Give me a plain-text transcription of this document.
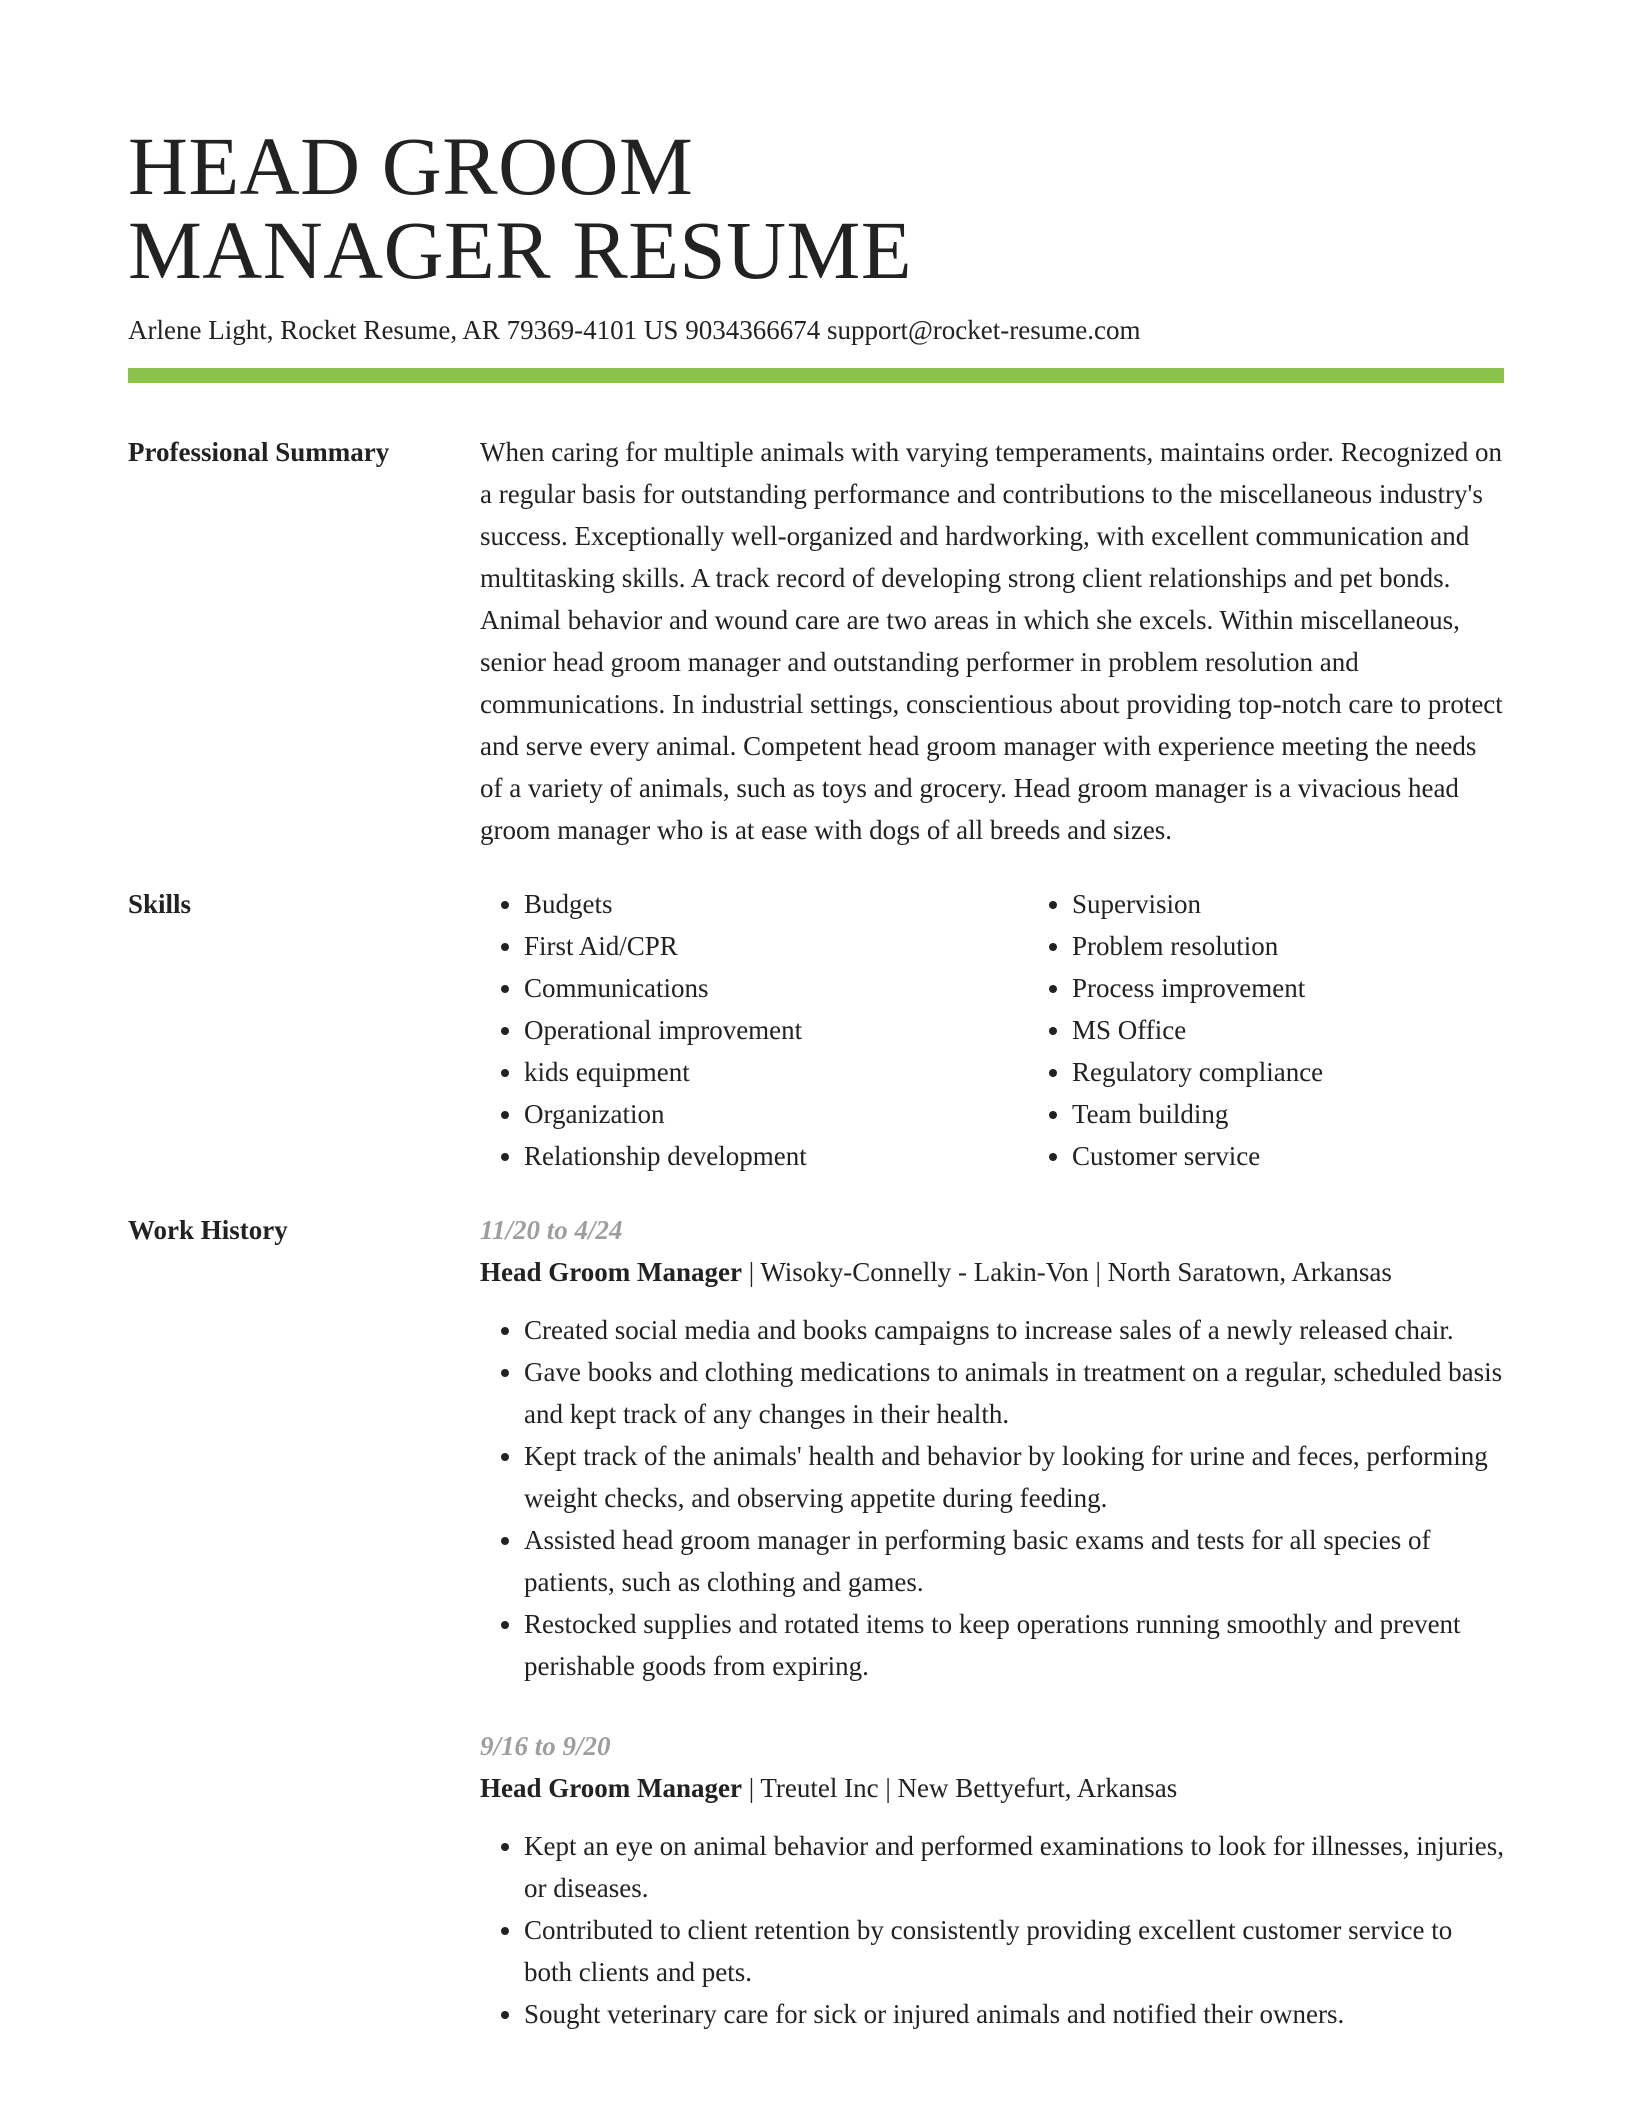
HEAD GROOM
MANAGER RESUME
Arlene Light, Rocket Resume, AR 79369-4101 US 9034366674 support@rocket-resume.com
Professional Summary	When caring for multiple animals with varying temperaments, maintains order. Recognized on a regular basis for outstanding performance and contributions to the miscellaneous industry's success. Exceptionally well-organized and hardworking, with excellent communication and multitasking skills. A track record of developing strong client relationships and pet bonds. Animal behavior and wound care are two areas in which she excels. Within miscellaneous, senior head groom manager and outstanding performer in problem resolution and communications. In industrial settings, conscientious about providing top-notch care to protect and serve every animal. Competent head groom manager with experience meeting the needs of a variety of animals, such as toys and grocery. Head groom manager is a vivacious head groom manager who is at ease with dogs of all breeds and sizes.

Skills
•	Budgets
• First Aid/CPR
• Communications
• Operational improvement
• kids equipment
• Organization
• Relationship development
• Supervision
• Problem resolution
• Process improvement
• MS Office
• Regulatory compliance
• Team building
• Customer service
Work History	11/20 to 4/24
Head Groom Manager | Wisoky-Connelly - Lakin-Von | North Saratown, Arkansas
• Created social media and books campaigns to increase sales of a newly released chair.
• Gave books and clothing medications to animals in treatment on a regular, scheduled basis and kept track of any changes in their health.
• Kept track of the animals' health and behavior by looking for urine and feces, performing weight checks, and observing appetite during feeding.
• Assisted head groom manager in performing basic exams and tests for all species of patients, such as clothing and games.
• Restocked supplies and rotated items to keep operations running smoothly and prevent perishable goods from expiring.
9/16 to 9/20
Head Groom Manager | Treutel Inc | New Bettyefurt, Arkansas
• Kept an eye on animal behavior and performed examinations to look for illnesses, injuries, or diseases.
• Contributed to client retention by consistently providing excellent customer service to both clients and pets.
• Sought veterinary care for sick or injured animals and notified their owners.
